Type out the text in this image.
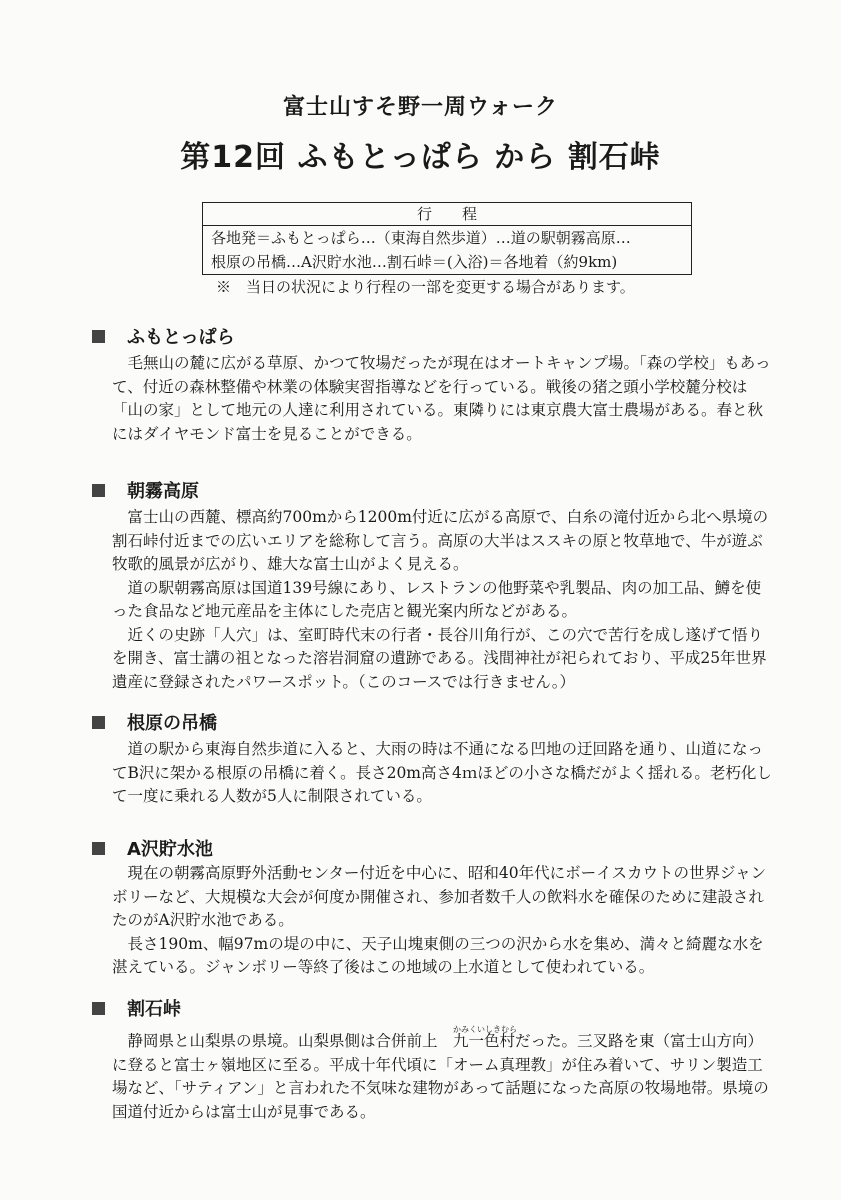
富士山すそ野一周ウォーク
第12回 ふもとっぱら から 割石峠
行程
各地発＝ふもとっぱら…（東海自然歩道）…道の駅朝霧高原…
根原の吊橋…A沢貯水池…割石峠＝(入浴)＝各地着（約9km)
※　当日の状況により行程の一部を変更する場合があります。
ふもとっぱら

毛無山の麓に広がる草原、かつて牧場だったが現在はオートキャンプ場。「森の学校」もあって、付近の森林整備や林業の体験実習指導などを行っている。戦後の猪之頭小学校麓分校は「山の家」として地元の人達に利用されている。東隣りには東京農大富士農場がある。春と秋にはダイヤモンド富士を見ることができる。

朝霧高原

富士山の西麓、標高約700mから1200m付近に広がる高原で、白糸の滝付近から北へ県境の割石峠付近までの広いエリアを総称して言う。高原の大半はススキの原と牧草地で、牛が遊ぶ牧歌的風景が広がり、雄大な富士山がよく見える。

道の駅朝霧高原は国道139号線にあり、レストランの他野菜や乳製品、肉の加工品、鱒を使った食品など地元産品を主体にした売店と観光案内所などがある。

近くの史跡「人穴」は、室町時代末の行者・長谷川角行が、この穴で苦行を成し遂げて悟りを開き、富士講の祖となった溶岩洞窟の遺跡である。浅間神社が祀られており、平成25年世界遺産に登録されたパワースポット。（このコースでは行きません。）

根原の吊橋

道の駅から東海自然歩道に入ると、大雨の時は不通になる凹地の迂回路を通り、山道になってB沢に架かる根原の吊橋に着く。長さ20m高さ4ｍほどの小さな橋だがよく揺れる。老朽化して一度に乗れる人数が5人に制限されている。

A沢貯水池

現在の朝霧高原野外活動センター付近を中心に、昭和40年代にボーイスカウトの世界ジャンボリーなど、大規模な大会が何度か開催され、参加者数千人の飲料水を確保のために建設されたのがA沢貯水池である。

長さ190m、幅97mの堤の中に、天子山塊東側の三つの沢から水を集め、満々と綺麗な水を湛えている。ジャンボリー等終了後はこの地域の上水道として使われている。

割石峠

静岡県と山梨県の県境。山梨県側は合併前上
かみくいしきむら
九一色村だった。三叉路を東（富士山方向）に登ると富士ヶ嶺地区に至る。平成十年代頃に「オーム真理教」が住み着いて、サリン製造工場など、「サティアン」と言われた不気味な建物があって話題になった高原の牧場地帯。県境の国道付近からは富士山が見事である。
